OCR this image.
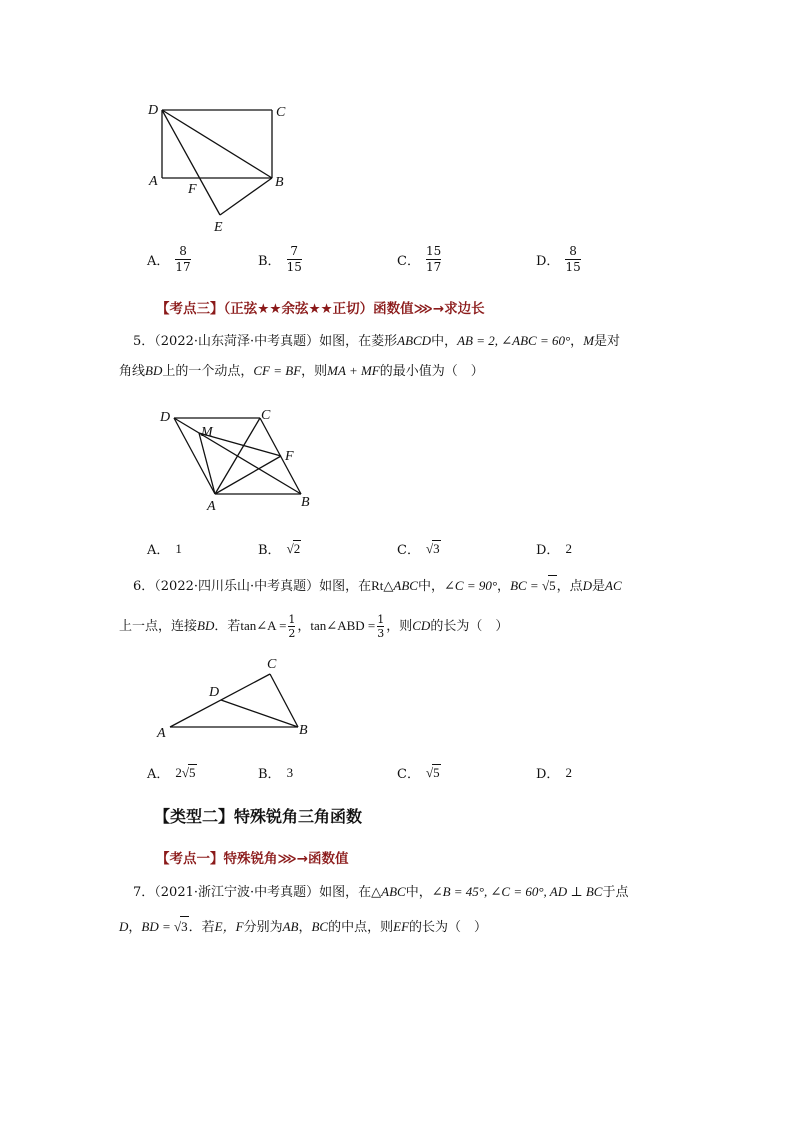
D	C
A
F	B
E
A． $\frac{8}{17}$	B． $\frac{7}{15}$	C． $\frac{15}{17}$	D． $\frac{8}{15}$
【考点三】（正弦★★余弦★★正切）函数值⋙→求边长
5．（2022·山东菏泽·中考真题）如图，在菱形ABCD中，AB = 2, ∠ABC = 60°，M是对
角线BD上的一个动点，CF = BF，则MA + MF的最小值为（　）
D	C
M
F
A	B
A． 1	B． √ 2	C． √ 3	D． 2
6．（2022·四川乐山·中考真题）如图，在Rt△ABC中，∠C = 90°，BC = √ 5 ，点D是AC
上一点，连接BD．若tan∠A = $\frac{1}{2}$ ，tan∠ABD = $\frac{1}{3}$ ，则CD的长为（　）
C
D
A	B
A． 2 √ 5	B． 3	C． √ 5	D． 2
【类型二】特殊锐角三角函数
【考点一】特殊锐角⋙→函数值
7．（2021·浙江宁波·中考真题）如图，在△ABC中，∠B = 45°, ∠C = 60°, AD ⊥ BC于点
D，BD = √ 3 ．若E，F分别为AB，BC的中点，则EF的长为（　）
